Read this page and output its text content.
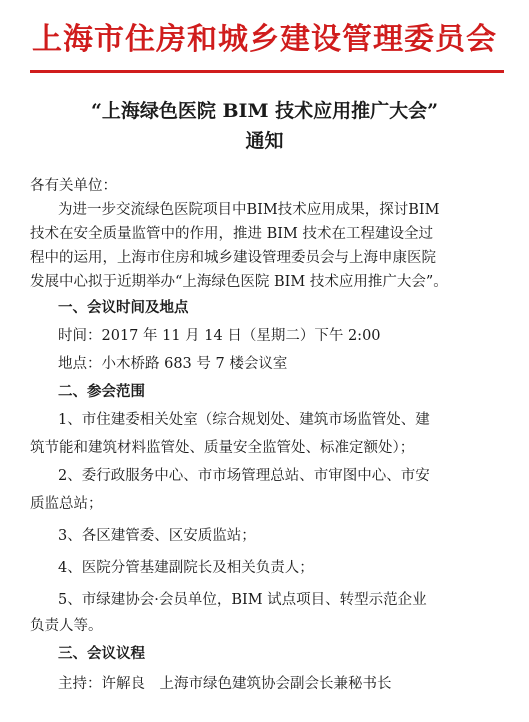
上海市住房和城乡建设管理委员会
“上海绿色医院 BIM 技术应用推广大会”
通知
各有关单位：
为进一步交流绿色医院项目中BIM技术应用成果，探讨BIM
技术在安全质量监管中的作用，推进 BIM 技术在工程建设全过
程中的运用，上海市住房和城乡建设管理委员会与上海申康医院
发展中心拟于近期举办“上海绿色医院 BIM 技术应用推广大会”。
一、会议时间及地点
时间：2017 年 11 月 14 日（星期二）下午 2:00
地点：小木桥路 683 号 7 楼会议室
二、参会范围
1、市住建委相关处室（综合规划处、建筑市场监管处、建
筑节能和建筑材料监管处、质量安全监管处、标准定额处）；
2、委行政服务中心、市市场管理总站、市审图中心、市安
质监总站；
3、各区建管委、区安质监站；
4、医院分管基建副院长及相关负责人；
5、市绿建协会·会员单位，BIM 试点项目、转型示范企业
负责人等。
三、会议议程
主持：许解良　上海市绿色建筑协会副会长兼秘书长
